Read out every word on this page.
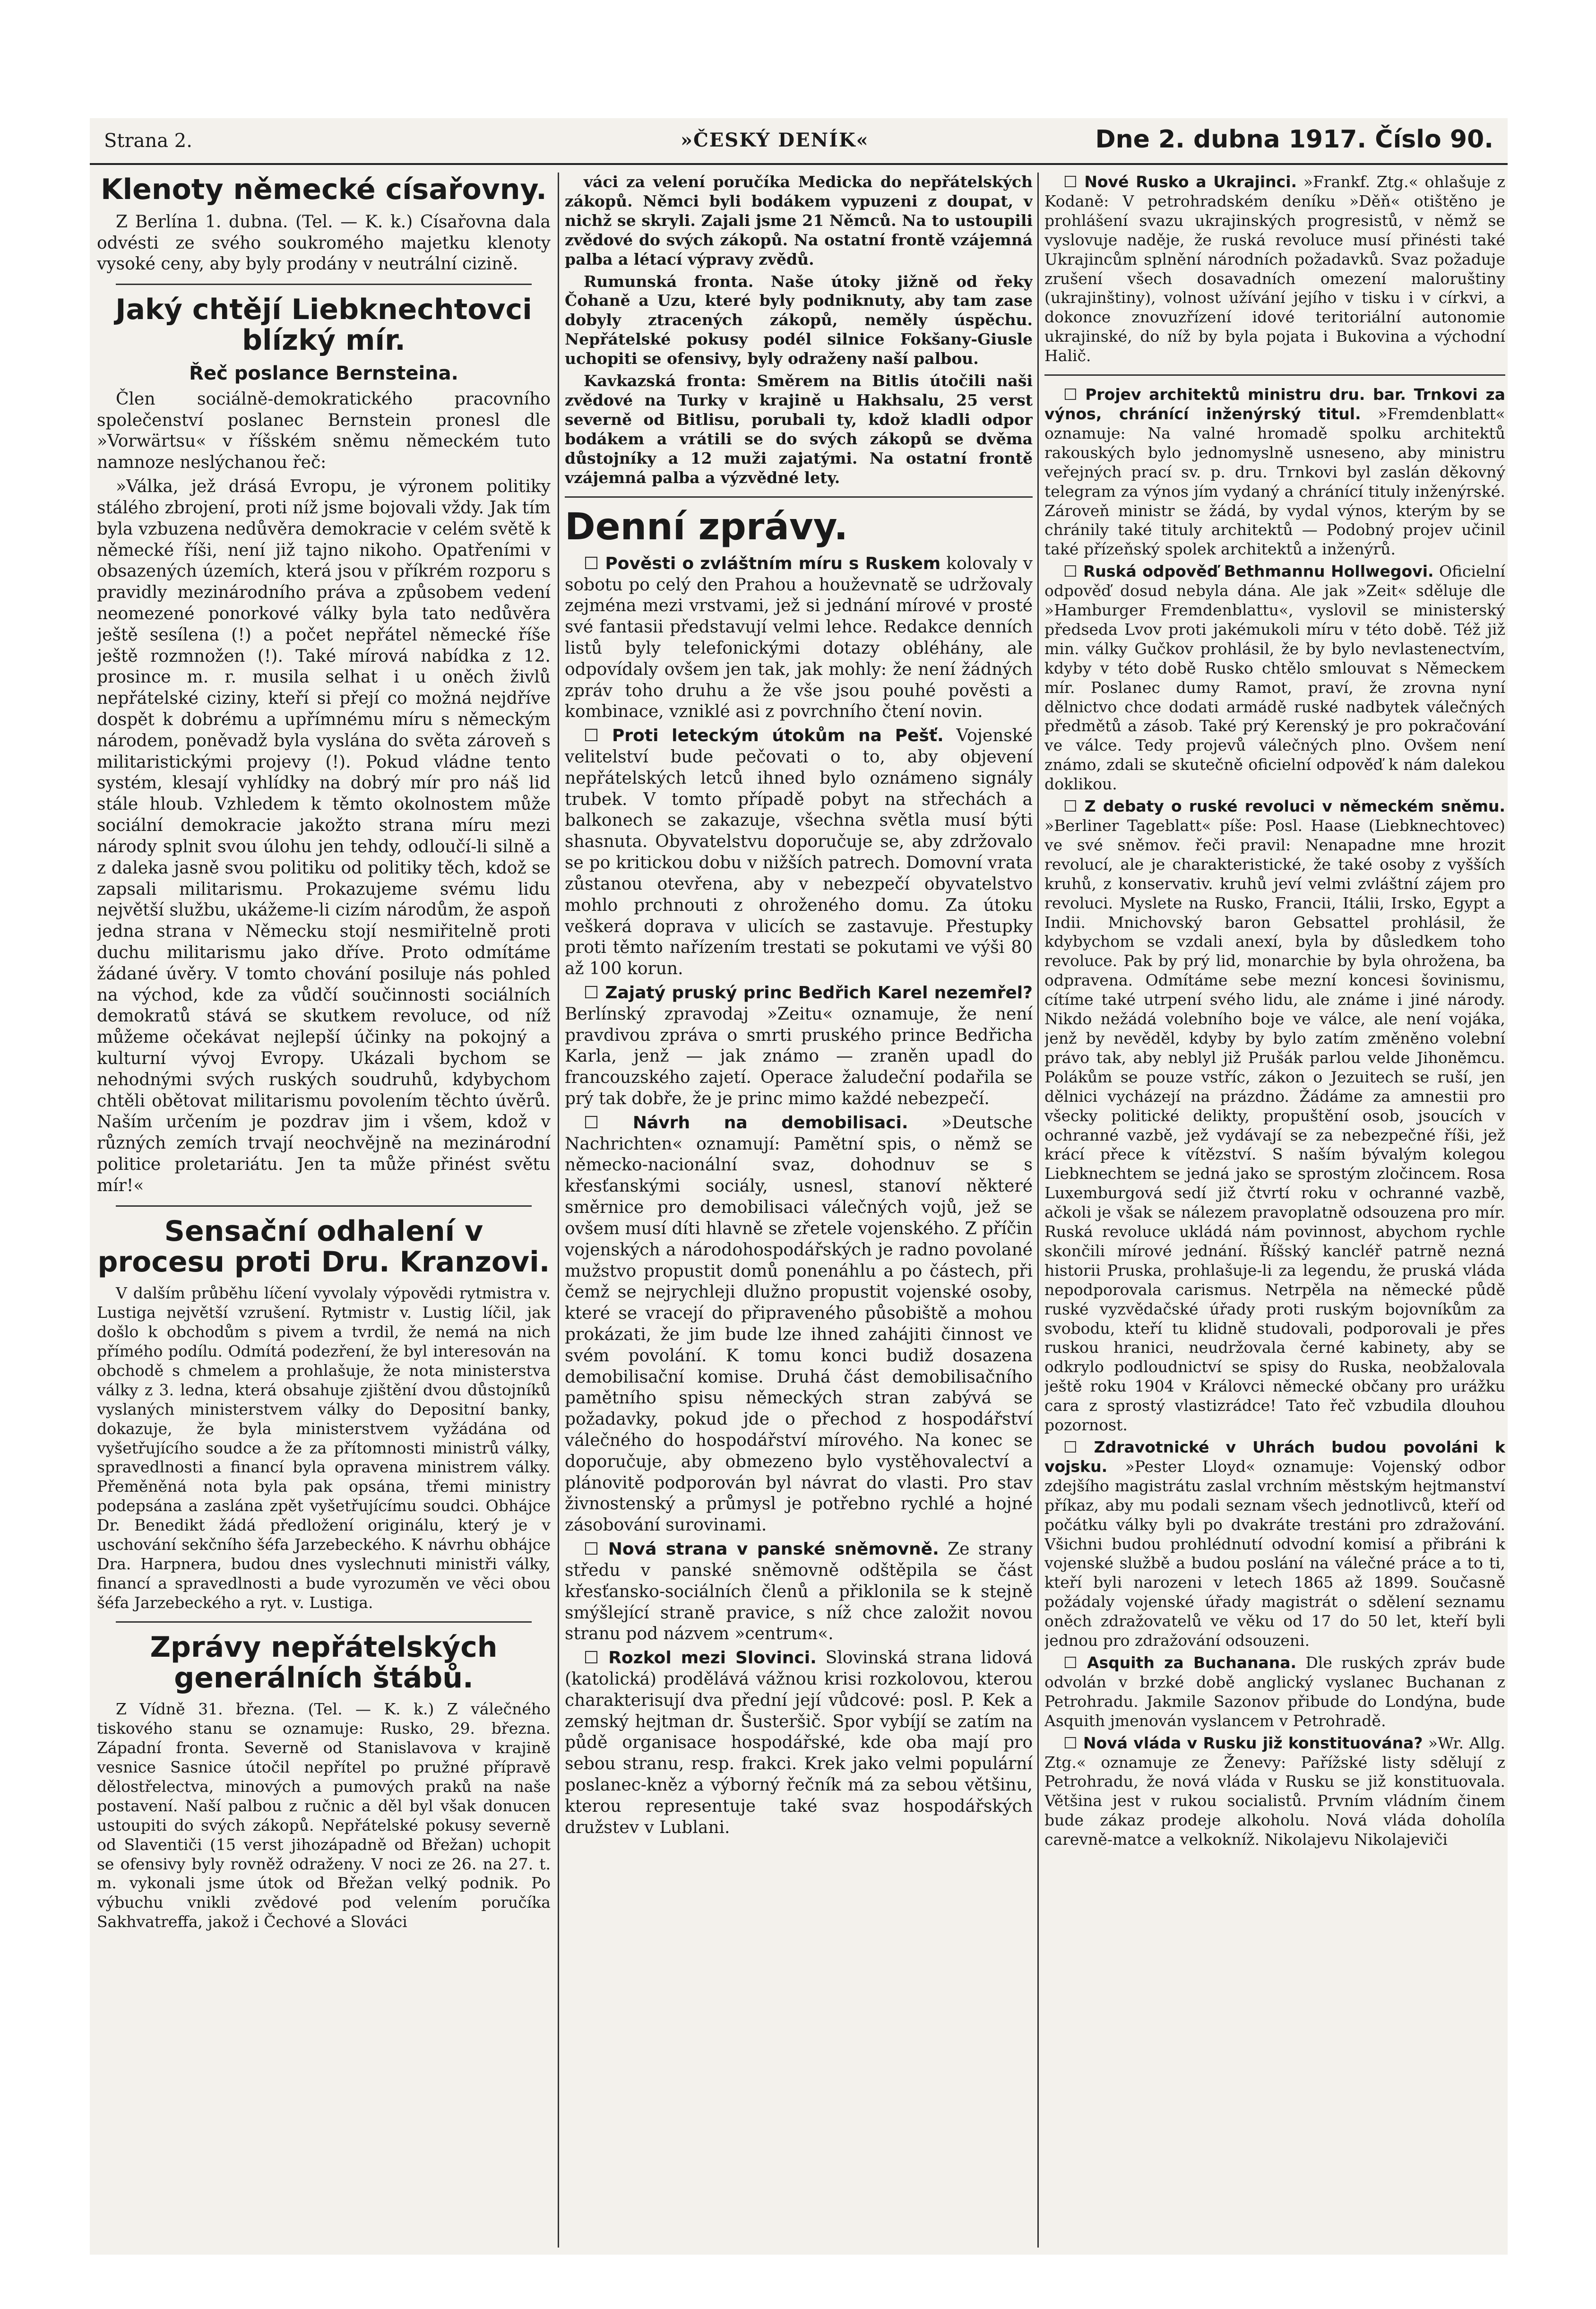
Strana 2.	»ČESKÝ DENÍK«	Dne 2. dubna 1917. Číslo 90.
Klenoty německé císařovny.

Z Berlína 1. dubna. (Tel. — K. k.) Císařovna dala odvésti ze svého soukromého majetku klenoty vysoké ceny, aby byly prodány v neutrální cizině.

Jaký chtějí Liebknechtovci blízký mír.
Řeč poslance Bernsteina.

Člen sociálně-demokratického pracovního společenství poslanec Bernstein pronesl dle »Vorwärtsu« v říšském sněmu německém tuto namnoze neslýchanou řeč:

»Válka, jež drásá Evropu, je výronem politiky stálého zbrojení, proti níž jsme bojovali vždy. Jak tím byla vzbuzena nedůvěra demokracie v celém světě k německé říši, není již tajno nikoho. Opatřeními v obsazených územích, která jsou v příkrém rozporu s pravidly mezinárodního práva a způsobem vedení neomezené ponorkové války byla tato nedůvěra ještě sesílena (!) a počet nepřátel německé říše ještě rozmnožen (!). Také mírová nabídka z 12. prosince m. r. musila selhat i u oněch živlů nepřátelské ciziny, kteří si přejí co možná nejdříve dospět k dobrému a upřímnému míru s německým národem, poněvadž byla vyslána do světa zároveň s militaristickými projevy (!). Pokud vládne tento systém, klesají vyhlídky na dobrý mír pro náš lid stále hloub. Vzhledem k těmto okolnostem může sociální demokracie jakožto strana míru mezi národy splnit svou úlohu jen tehdy, odloučí-li silně a z daleka jasně svou politiku od politiky těch, kdož se zapsali militarismu. Prokazujeme svému lidu největší službu, ukážeme-li cizím národům, že aspoň jedna strana v Německu stojí nesmiřitelně proti duchu militarismu jako dříve. Proto odmítáme žádané úvěry. V tomto chování posiluje nás pohled na východ, kde za vůdčí součinnosti sociálních demokratů stává se skutkem revoluce, od níž můžeme očekávat nejlepší účinky na pokojný a kulturní vývoj Evropy. Ukázali bychom se nehodnými svých ruských soudruhů, kdybychom chtěli obětovat militarismu povolením těchto úvěrů. Naším určením je pozdrav jim i všem, kdož v různých zemích trvají neochvějně na mezinárodní politice proletariátu. Jen ta může přinést světu mír!«

Sensační odhalení v procesu proti Dru. Kranzovi.

V dalším průběhu líčení vyvolaly výpovědi rytmistra v. Lustiga největší vzrušení. Rytmistr v. Lustig líčil, jak došlo k obchodům s pivem a tvrdil, že nemá na nich přímého podílu. Odmítá podezření, že byl interesován na obchodě s chmelem a prohlašuje, že nota ministerstva války z 3. ledna, která obsahuje zjištění dvou důstojníků vyslaných ministerstvem války do Depositní banky, dokazuje, že byla ministerstvem vyžádána od vyšetřujícího soudce a že za přítomnosti ministrů války, spravedlnosti a financí byla opravena ministrem války. Přeměněná nota byla pak opsána, třemi ministry podepsána a zaslána zpět vyšetřujícímu soudci. Obhájce Dr. Benedikt žádá předložení originálu, který je v uschování sekčního šéfa Jarzebeckého. K návrhu obhájce Dra. Harpnera, budou dnes vyslechnuti ministři války, financí a spravedlnosti a bude vyrozuměn ve věci obou šéfa Jarzebeckého a ryt. v. Lustiga.

Zprávy nepřátelských generálních štábů.

Z Vídně 31. března. (Tel. — K. k.) Z válečného tiskového stanu se oznamuje: Rusko, 29. března. Západní fronta. Severně od Stanislavova v krajině vesnice Sasnice útočil nepřítel po pružné přípravě dělostřelectva, minových a pumových praků na naše postavení. Naší palbou z ručnic a děl byl však donucen ustoupiti do svých zákopů. Nepřátelské pokusy severně od Slaventiči (15 verst jihozápadně od Břežan) uchopit se ofensivy byly rovněž odraženy. V noci ze 26. na 27. t. m. vykonali jsme útok od Břežan velký podnik. Po výbuchu vnikli zvědové pod velením poručíka Sakhvatreffa, jakož i Čechové a Slováci

váci za velení poručíka Medicka do nepřátelských zákopů. Němci byli bodákem vypuzeni z doupat, v nichž se skryli. Zajali jsme 21 Němců. Na to ustoupili zvědové do svých zákopů. Na ostatní frontě vzájemná palba a létací výpravy zvědů.

Rumunská fronta. Naše útoky jižně od řeky Čohaně a Uzu, které byly podniknuty, aby tam zase dobyly ztracených zákopů, neměly úspěchu. Nepřátelské pokusy podél silnice Fokšany-Giusle uchopiti se ofensivy, byly odraženy naší palbou.

Kavkazská fronta: Směrem na Bitlis útočili naši zvědové na Turky v krajině u Hakhsalu, 25 verst severně od Bitlisu, porubali ty, kdož kladli odpor bodákem a vrátili se do svých zákopů se dvěma důstojníky a 12 muži zajatými. Na ostatní frontě vzájemná palba a výzvědné lety.

Denní zprávy.

☐ Pověsti o zvláštním míru s Ruskem kolovaly v sobotu po celý den Prahou a houževnatě se udržovaly zejména mezi vrstvami, jež si jednání mírové v prosté své fantasii představují velmi lehce. Redakce denních listů byly telefonickými dotazy obléhány, ale odpovídaly ovšem jen tak, jak mohly: že není žádných zpráv toho druhu a že vše jsou pouhé pověsti a kombinace, vzniklé asi z povrchního čtení novin.

☐ Proti leteckým útokům na Pešť. Vojenské velitelství bude pečovati o to, aby objevení nepřátelských letců ihned bylo oznámeno signály trubek. V tomto případě pobyt na střechách a balkonech se zakazuje, všechna světla musí býti shasnuta. Obyvatelstvu doporučuje se, aby zdržovalo se po kritickou dobu v nižších patrech. Domovní vrata zůstanou otevřena, aby v nebezpečí obyvatelstvo mohlo prchnouti z ohroženého domu. Za útoku veškerá doprava v ulicích se zastavuje. Přestupky proti těmto nařízením trestati se pokutami ve výši 80 až 100 korun.

☐ Zajatý pruský princ Bedřich Karel nezemřel? Berlínský zpravodaj »Zeitu« oznamuje, že není pravdivou zpráva o smrti pruského prince Bedřicha Karla, jenž — jak známo — zraněn upadl do francouzského zajetí. Operace žaludeční podařila se prý tak dobře, že je princ mimo každé nebezpečí.

☐ Návrh na demobilisaci. »Deutsche Nachrichten« oznamují: Pamětní spis, o němž se německo-nacionální svaz, dohodnuv se s křesťanskými sociály, usnesl, stanoví některé směrnice pro demobilisaci válečných vojů, jež se ovšem musí díti hlavně se zřetele vojenského. Z příčin vojenských a národohospodářských je radno povolané mužstvo propustit domů ponenáhlu a po částech, při čemž se nejrychleji dlužno propustit vojenské osoby, které se vracejí do připraveného působiště a mohou prokázati, že jim bude lze ihned zahájiti činnost ve svém povolání. K tomu konci budiž dosazena demobilisační komise. Druhá část demobilisačního pamětního spisu německých stran zabývá se požadavky, pokud jde o přechod z hospodářství válečného do hospodářství mírového. Na konec se doporučuje, aby obmezeno bylo vystěhovalectví a plánovitě podporován byl návrat do vlasti. Pro stav živnostenský a průmysl je potřebno rychlé a hojné zásobování surovinami.

☐ Nová strana v panské sněmovně. Ze strany středu v panské sněmovně odštěpila se část křesťansko-sociálních členů a přiklonila se k stejně smýšlející straně pravice, s níž chce založit novou stranu pod názvem »centrum«.

☐ Rozkol mezi Slovinci. Slovinská strana lidová (katolická) prodělává vážnou krisi rozkolovou, kterou charakterisují dva přední její vůdcové: posl. P. Kek a zemský hejtman dr. Šusteršič. Spor vybíjí se zatím na půdě organisace hospodářské, kde oba mají pro sebou stranu, resp. frakci. Krek jako velmi populární poslanec-kněz a výborný řečník má za sebou většinu, kterou representuje také svaz hospodářských družstev v Lublani.

☐ Nové Rusko a Ukrajinci. »Frankf. Ztg.« ohlašuje z Kodaně: V petrohradském deníku »Děň« otištěno je prohlášení svazu ukrajinských progresistů, v němž se vyslovuje naděje, že ruská revoluce musí přinésti také Ukrajincům splnění národních požadavků. Svaz požaduje zrušení všech dosavadních omezení maloruštiny (ukrajinštiny), volnost užívání jejího v tisku i v církvi, a dokonce znovuzřízení idové teritoriální autonomie ukrajinské, do níž by byla pojata i Bukovina a východní Halič.

☐ Projev architektů ministru dru. bar. Trnkovi za výnos, chránící inženýrský titul. »Fremdenblatt« oznamuje: Na valné hromadě spolku architektů rakouských bylo jednomyslně usneseno, aby ministru veřejných prací sv. p. dru. Trnkovi byl zaslán děkovný telegram za výnos jím vydaný a chránící tituly inženýrské. Zároveň ministr se žádá, by vydal výnos, kterým by se chránily také tituly architektů — Podobný projev učinil také přízeňský spolek architektů a inženýrů.

☐ Ruská odpověď Bethmannu Hollwegovi. Oficielní odpověď dosud nebyla dána. Ale jak »Zeit« sděluje dle »Hamburger Fremdenblattu«, vyslovil se ministerský předseda Lvov proti jakémukoli míru v této době. Též již min. války Gučkov prohlásil, že by bylo nevlastenectvím, kdyby v této době Rusko chtělo smlouvat s Německem mír. Poslanec dumy Ramot, praví, že zrovna nyní dělnictvo chce dodati armádě ruské nadbytek válečných předmětů a zásob. Také prý Kerenský je pro pokračování ve válce. Tedy projevů válečných plno. Ovšem není známo, zdali se skutečně oficielní odpověď k nám dalekou doklikou.

☐ Z debaty o ruské revoluci v německém sněmu. »Berliner Tageblatt« píše: Posl. Haase (Liebknechtovec) ve své sněmov. řeči pravil: Nenapadne mne hrozit revolucí, ale je charakteristické, že také osoby z vyšších kruhů, z konservativ. kruhů jeví velmi zvláštní zájem pro revoluci. Myslete na Rusko, Francii, Itálii, Irsko, Egypt a Indii. Mnichovský baron Gebsattel prohlásil, že kdybychom se vzdali anexí, byla by důsledkem toho revoluce. Pak by prý lid, monarchie by byla ohrožena, ba odpravena. Odmítáme sebe mezní koncesi šovinismu, cítíme také utrpení svého lidu, ale známe i jiné národy. Nikdo nežádá volebního boje ve válce, ale není vojáka, jenž by nevěděl, kdyby by bylo zatím změněno volební právo tak, aby neblyl již Prušák parlou velde Jihoněmcu. Polákům se pouze vstříc, zákon o Jezuitech se ruší, jen dělnici vycházejí na prázdno. Žádáme za amnestii pro všecky politické delikty, propuštění osob, jsoucích v ochranné vazbě, jež vydávají se za nebezpečné říši, jež krácí přece k vítězství. S naším bývalým kolegou Liebknechtem se jedná jako se sprostým zločincem. Rosa Luxemburgová sedí již čtvrtí roku v ochranné vazbě, ačkoli je však se nálezem pravoplatně odsouzena pro mír. Ruská revoluce ukládá nám povinnost, abychom rychle skončili mírové jednání. Říšský kancléř patrně nezná historii Pruska, prohlašuje-li za legendu, že pruská vláda nepodporovala carismus. Netrpěla na německé půdě ruské vyzvědačské úřady proti ruským bojovníkům za svobodu, kteří tu klidně studovali, podporovali je přes ruskou hranici, neudržovala černé kabinety, aby se odkrylo podloudnictví se spisy do Ruska, neobžalovala ještě roku 1904 v Královci německé občany pro urážku cara z sprostý vlastizrádce! Tato řeč vzbudila dlouhou pozornost.

☐ Zdravotnické v Uhrách budou povoláni k vojsku. »Pester Lloyd« oznamuje: Vojenský odbor zdejšího magistrátu zaslal vrchním městským hejtmanství příkaz, aby mu podali seznam všech jednotlivců, kteří od počátku války byli po dvakráte trestáni pro zdražování. Všichni budou prohlédnutí odvodní komisí a přibráni k vojenské službě a budou poslání na válečné práce a to ti, kteří byli narozeni v letech 1865 až 1899. Současně požádaly vojenské úřady magistrát o sdělení seznamu oněch zdražovatelů ve věku od 17 do 50 let, kteří byli jednou pro zdražování odsouzeni.

☐ Asquith za Buchanana. Dle ruských zpráv bude odvolán v brzké době anglický vyslanec Buchanan z Petrohradu. Jakmile Sazonov přibude do Londýna, bude Asquith jmenován vyslancem v Petrohradě.

☐ Nová vláda v Rusku již konstituována? »Wr. Allg. Ztg.« oznamuje ze Ženevy: Pařížské listy sdělují z Petrohradu, že nová vláda v Rusku se již konstituovala. Většina jest v rukou socialistů. Prvním vládním činem bude zákaz prodeje alkoholu. Nová vláda doholíla carevně-matce a velkokníž. Nikolajevu Nikolajeviči
